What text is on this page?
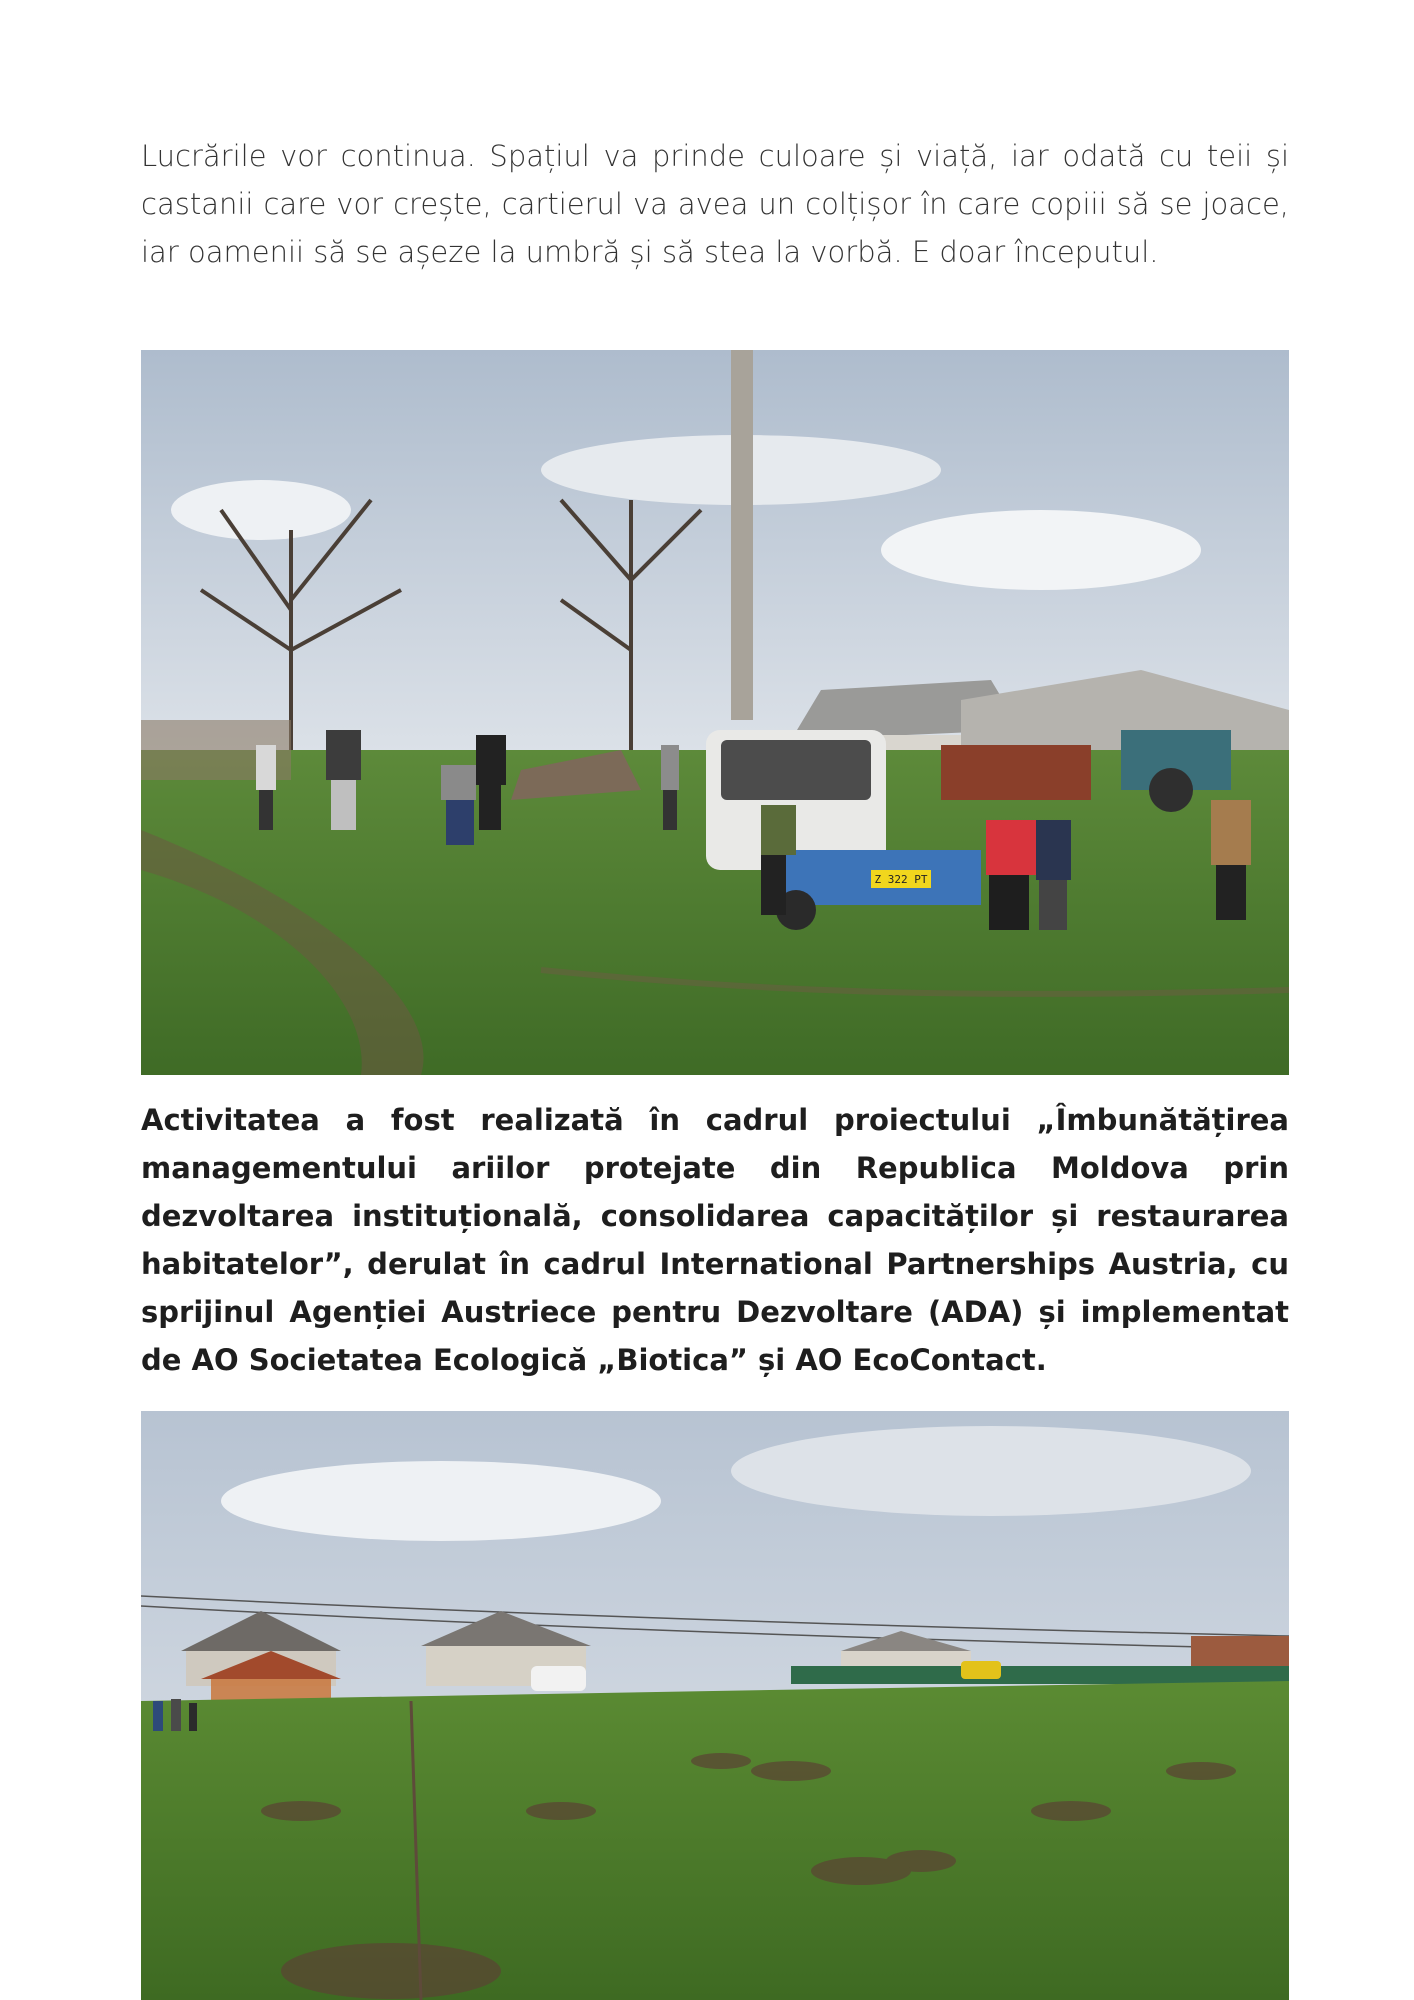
Lucrările vor continua. Spațiul va prinde culoare și viață, iar odată cu teii și castanii care vor crește, cartierul va avea un colțișor în care copiii să se joace, iar oamenii să se așeze la umbră și să stea la vorbă. E doar începutul.

Z 322 PT

Activitatea a fost realizată în cadrul proiectului „Îmbunătățirea managementului ariilor protejate din Republica Moldova prin dezvoltarea instituțională, consolidarea capacităților și restaurarea habitatelor”, derulat în cadrul International Partnerships Austria, cu sprijinul Agenției Austriece pentru Dezvoltare (ADA) și implementat de AO Societatea Ecologică „Biotica” și AO EcoContact.
